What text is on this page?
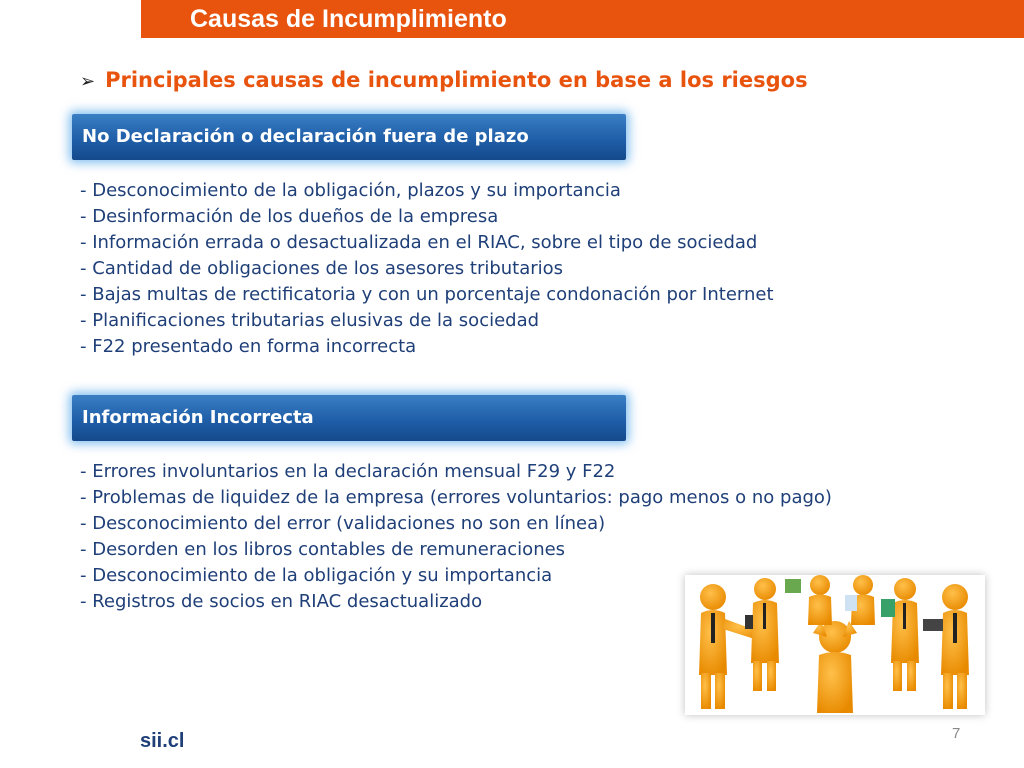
Causas de Incumplimiento
➢ Principales causas de incumplimiento en base a los riesgos
No Declaración o declaración fuera de plazo
- Desconocimiento de la obligación, plazos y su importancia
- Desinformación de los dueños de la empresa
- Información errada o desactualizada en el RIAC, sobre el tipo de sociedad
- Cantidad de obligaciones de los asesores tributarios
- Bajas multas de rectificatoria y con un porcentaje condonación por Internet
- Planificaciones tributarias elusivas de la sociedad
- F22 presentado en forma incorrecta
Información Incorrecta
- Errores involuntarios en la declaración mensual F29 y F22
- Problemas de liquidez de la empresa (errores voluntarios: pago menos o no pago)
- Desconocimiento del error (validaciones no son en línea)
- Desorden en los libros contables de remuneraciones
- Desconocimiento de la obligación y su importancia
- Registros de socios en RIAC desactualizado
sii.cl	7
